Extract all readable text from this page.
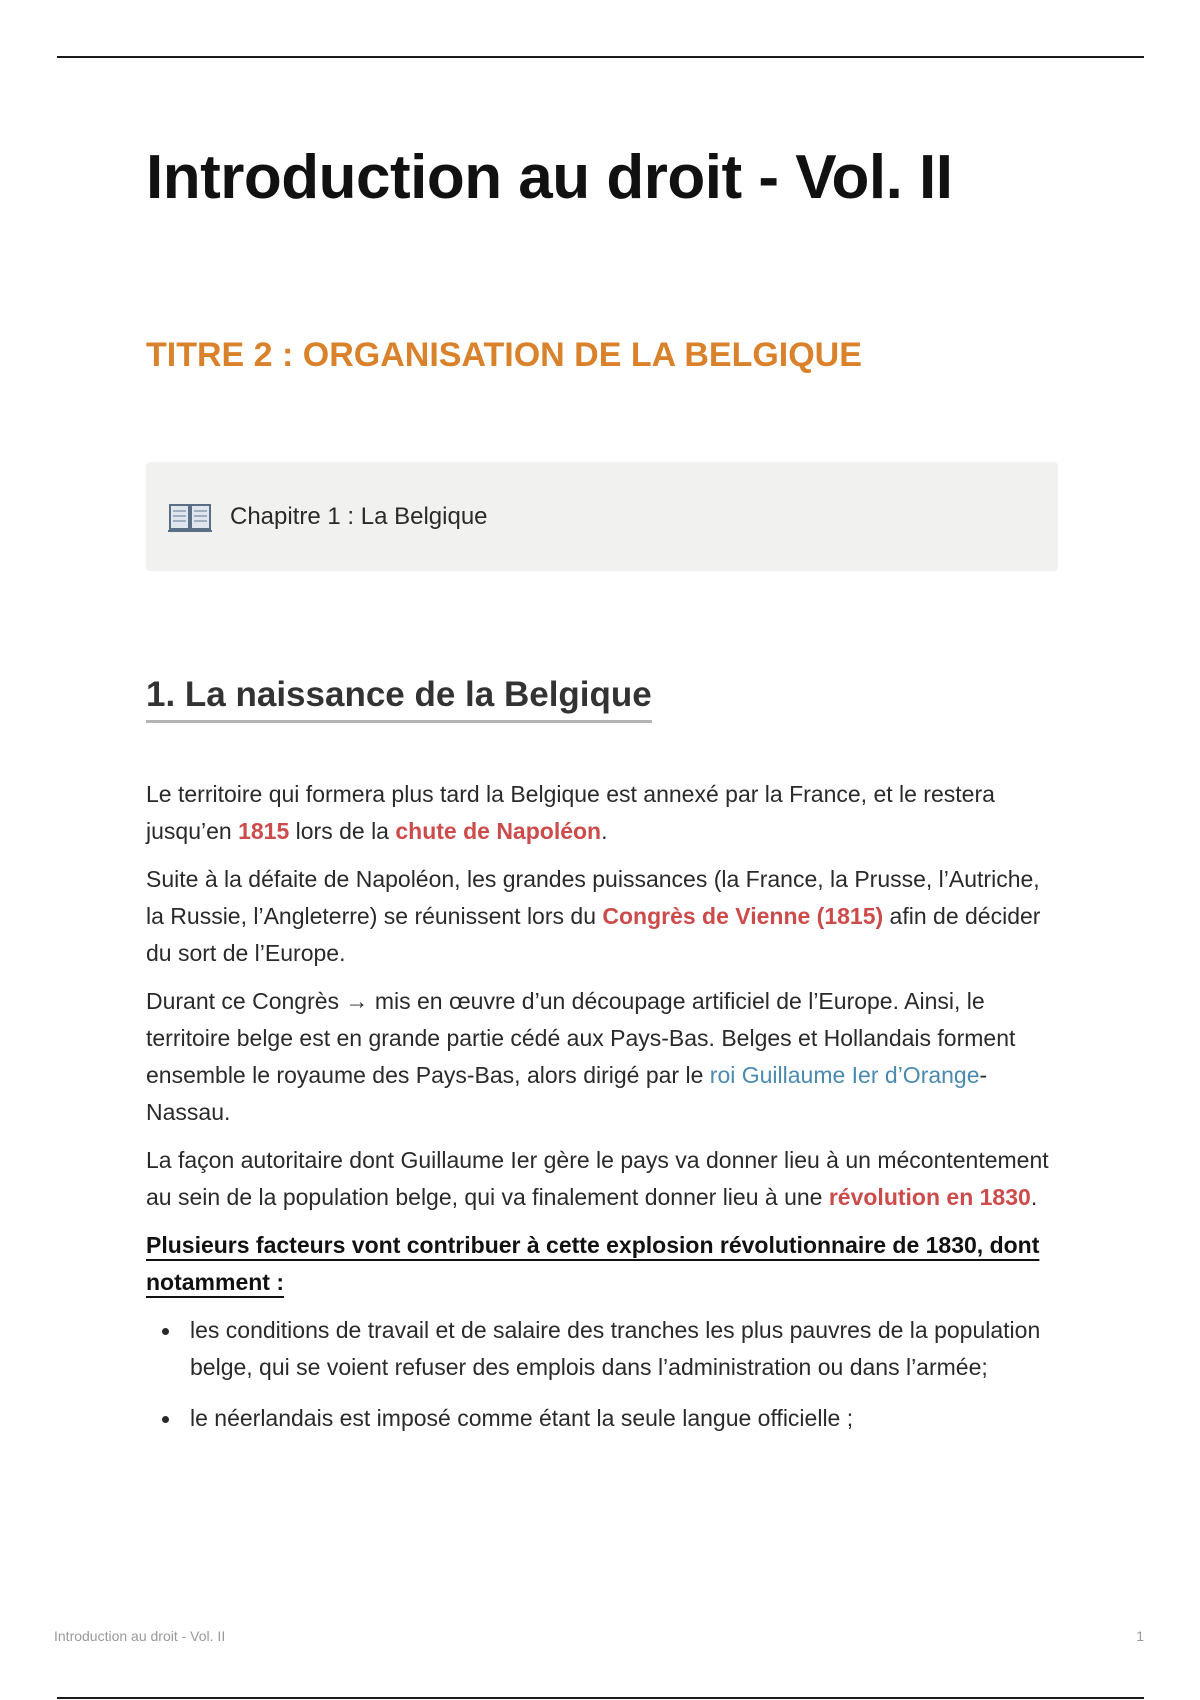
Introduction au droit - Vol. II
TITRE 2 : ORGANISATION DE LA BELGIQUE
Chapitre 1 : La Belgique
1. La naissance de la Belgique

Le territoire qui formera plus tard la Belgique est annexé par la France, et le restera jusqu’en 1815 lors de la chute de Napoléon.

Suite à la défaite de Napoléon, les grandes puissances (la France, la Prusse, l’Autriche, la Russie, l’Angleterre) se réunissent lors du Congrès de Vienne (1815) afin de décider du sort de l’Europe.

Durant ce Congrès → mis en œuvre d’un découpage artificiel de l’Europe. Ainsi, le territoire belge est en grande partie cédé aux Pays-Bas. Belges et Hollandais forment ensemble le royaume des Pays-Bas, alors dirigé par le roi Guillaume Ier d’Orange-Nassau.

La façon autoritaire dont Guillaume Ier gère le pays va donner lieu à un mécontentement au sein de la population belge, qui va finalement donner lieu à une révolution en 1830.

Plusieurs facteurs vont contribuer à cette explosion révolutionnaire de 1830, dont notamment :

les conditions de travail et de salaire des tranches les plus pauvres de la population belge, qui se voient refuser des emplois dans l’administration ou dans l’armée;
le néerlandais est imposé comme étant la seule langue officielle ;
Introduction au droit - Vol. II	1
